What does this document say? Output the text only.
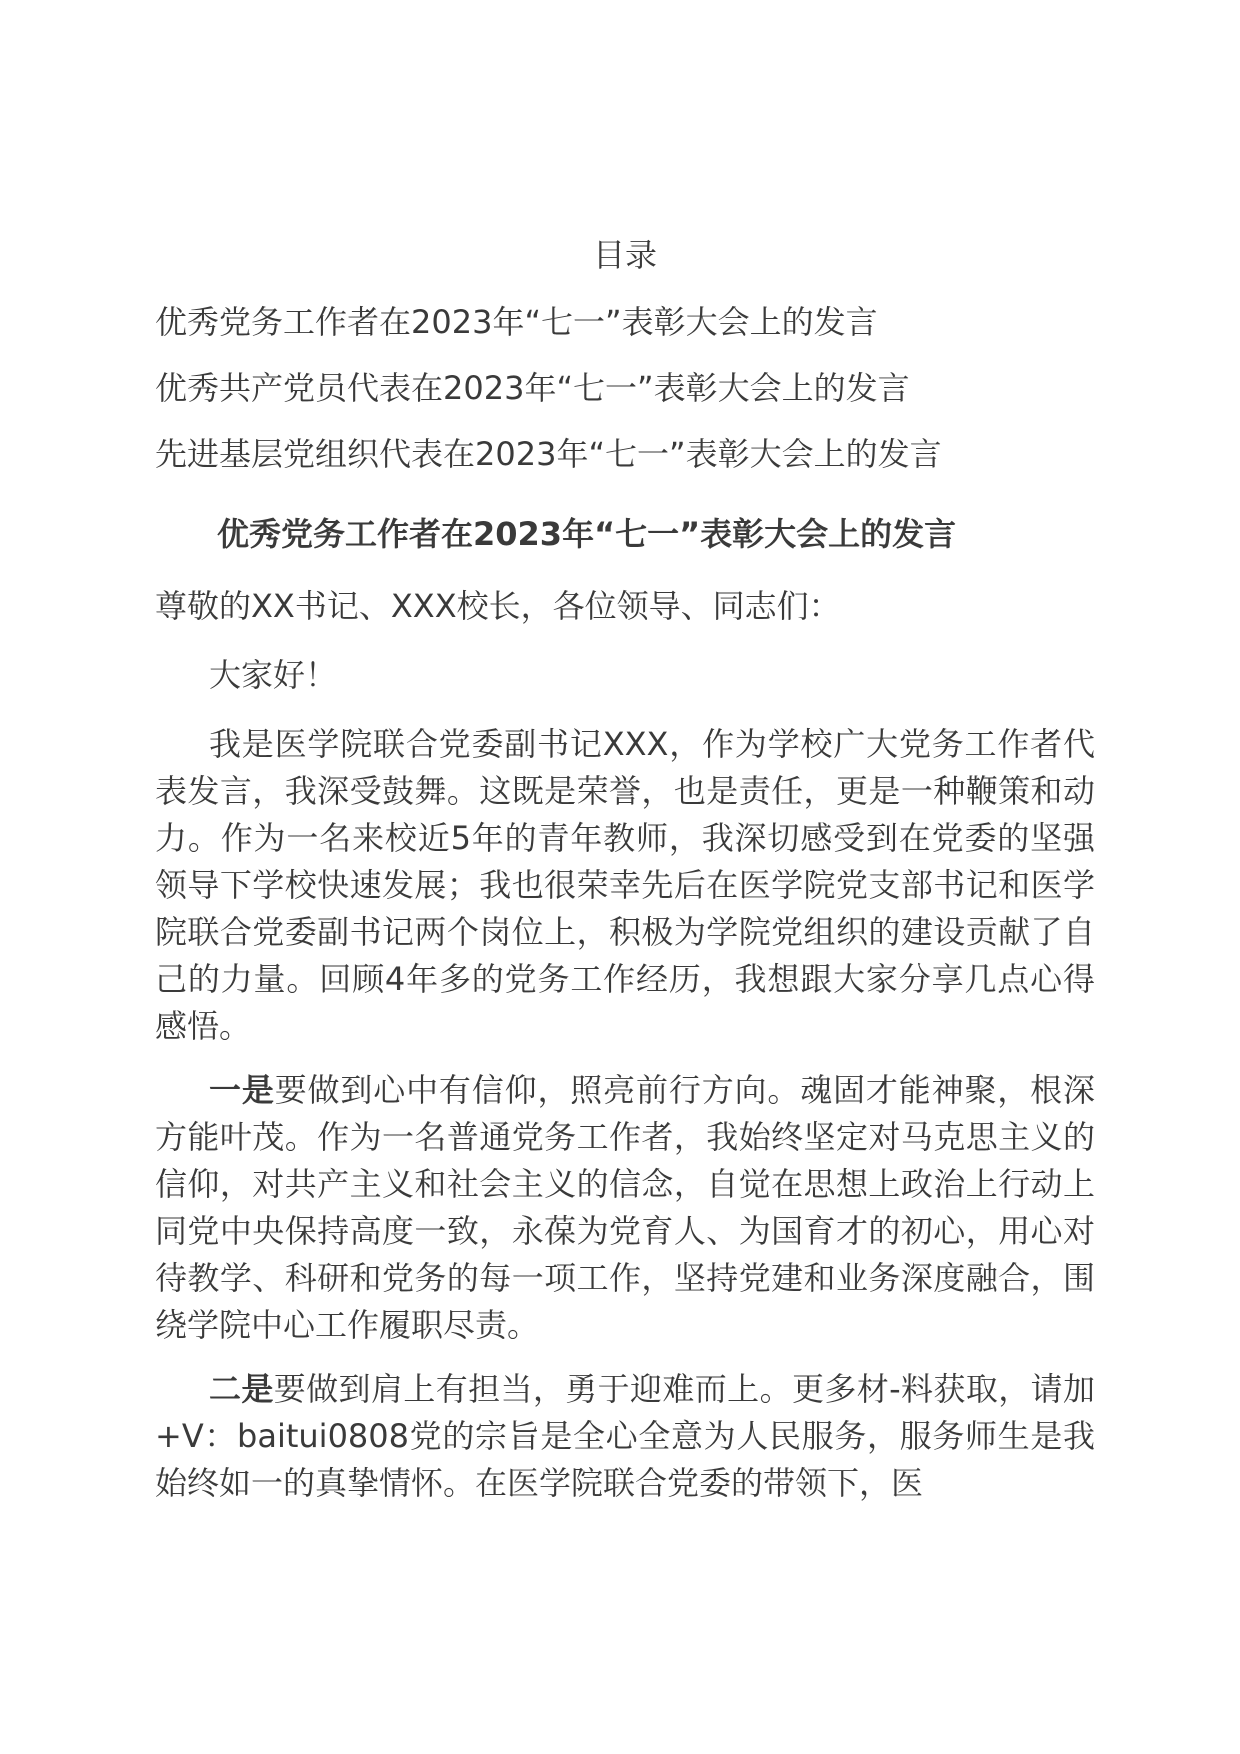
目录
优秀党务工作者在2023年“七一”表彰大会上的发言
优秀共产党员代表在2023年“七一”表彰大会上的发言
先进基层党组织代表在2023年“七一”表彰大会上的发言
优秀党务工作者在2023年“七一”表彰大会上的发言

尊敬的XX书记、XXX校长，各位领导、同志们：

大家好！

我是医学院联合党委副书记XXX，作为学校广大党务工作者代表发言，我深受鼓舞。这既是荣誉，也是责任，更是一种鞭策和动力。作为一名来校近5年的青年教师，我深切感受到在党委的坚强领导下学校快速发展；我也很荣幸先后在医学院党支部书记和医学院联合党委副书记两个岗位上，积极为学院党组织的建设贡献了自己的力量。回顾4年多的党务工作经历，我想跟大家分享几点心得感悟。

一是要做到心中有信仰，照亮前行方向。魂固才能神聚，根深方能叶茂。作为一名普通党务工作者，我始终坚定对马克思主义的信仰，对共产主义和社会主义的信念，自觉在思想上政治上行动上同党中央保持高度一致，永葆为党育人、为国育才的初心，用心对待教学、科研和党务的每一项工作，坚持党建和业务深度融合，围绕学院中心工作履职尽责。

二是要做到肩上有担当，勇于迎难而上。更多材-料获取，请加+V：baitui0808党的宗旨是全心全意为人民服务，服务师生是我始终如一的真挚情怀。在医学院联合党委的带领下，医
